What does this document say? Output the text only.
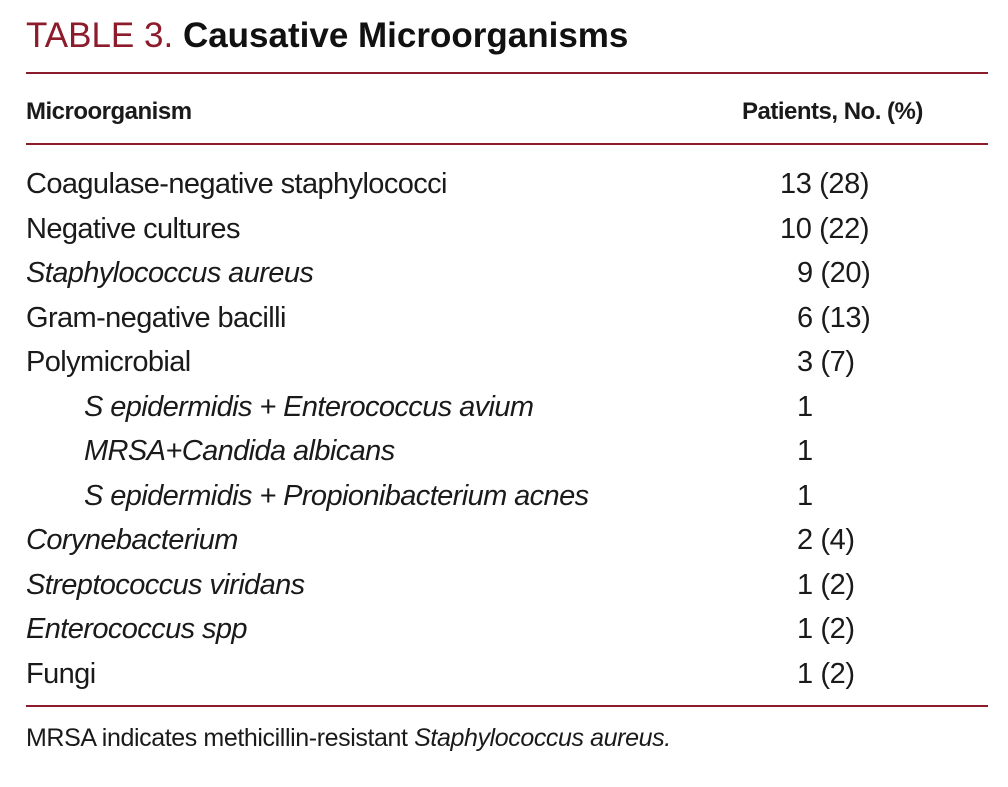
TABLE 3. Causative Microorganisms
Microorganism	Patients, No. (%)
Coagulase-negative staphylococci	13 (28)
Negative cultures	10 (22)
Staphylococcus aureus	9 (20)
Gram-negative bacilli	6 (13)
Polymicrobial	3 (7)
S epidermidis + Enterococcus avium	1
MRSA+Candida albicans	1
S epidermidis + Propionibacterium acnes	1
Corynebacterium	2 (4)
Streptococcus viridans	1 (2)
Enterococcus spp	1 (2)
Fungi	1 (2)
MRSA indicates methicillin-resistant Staphylococcus aureus.
